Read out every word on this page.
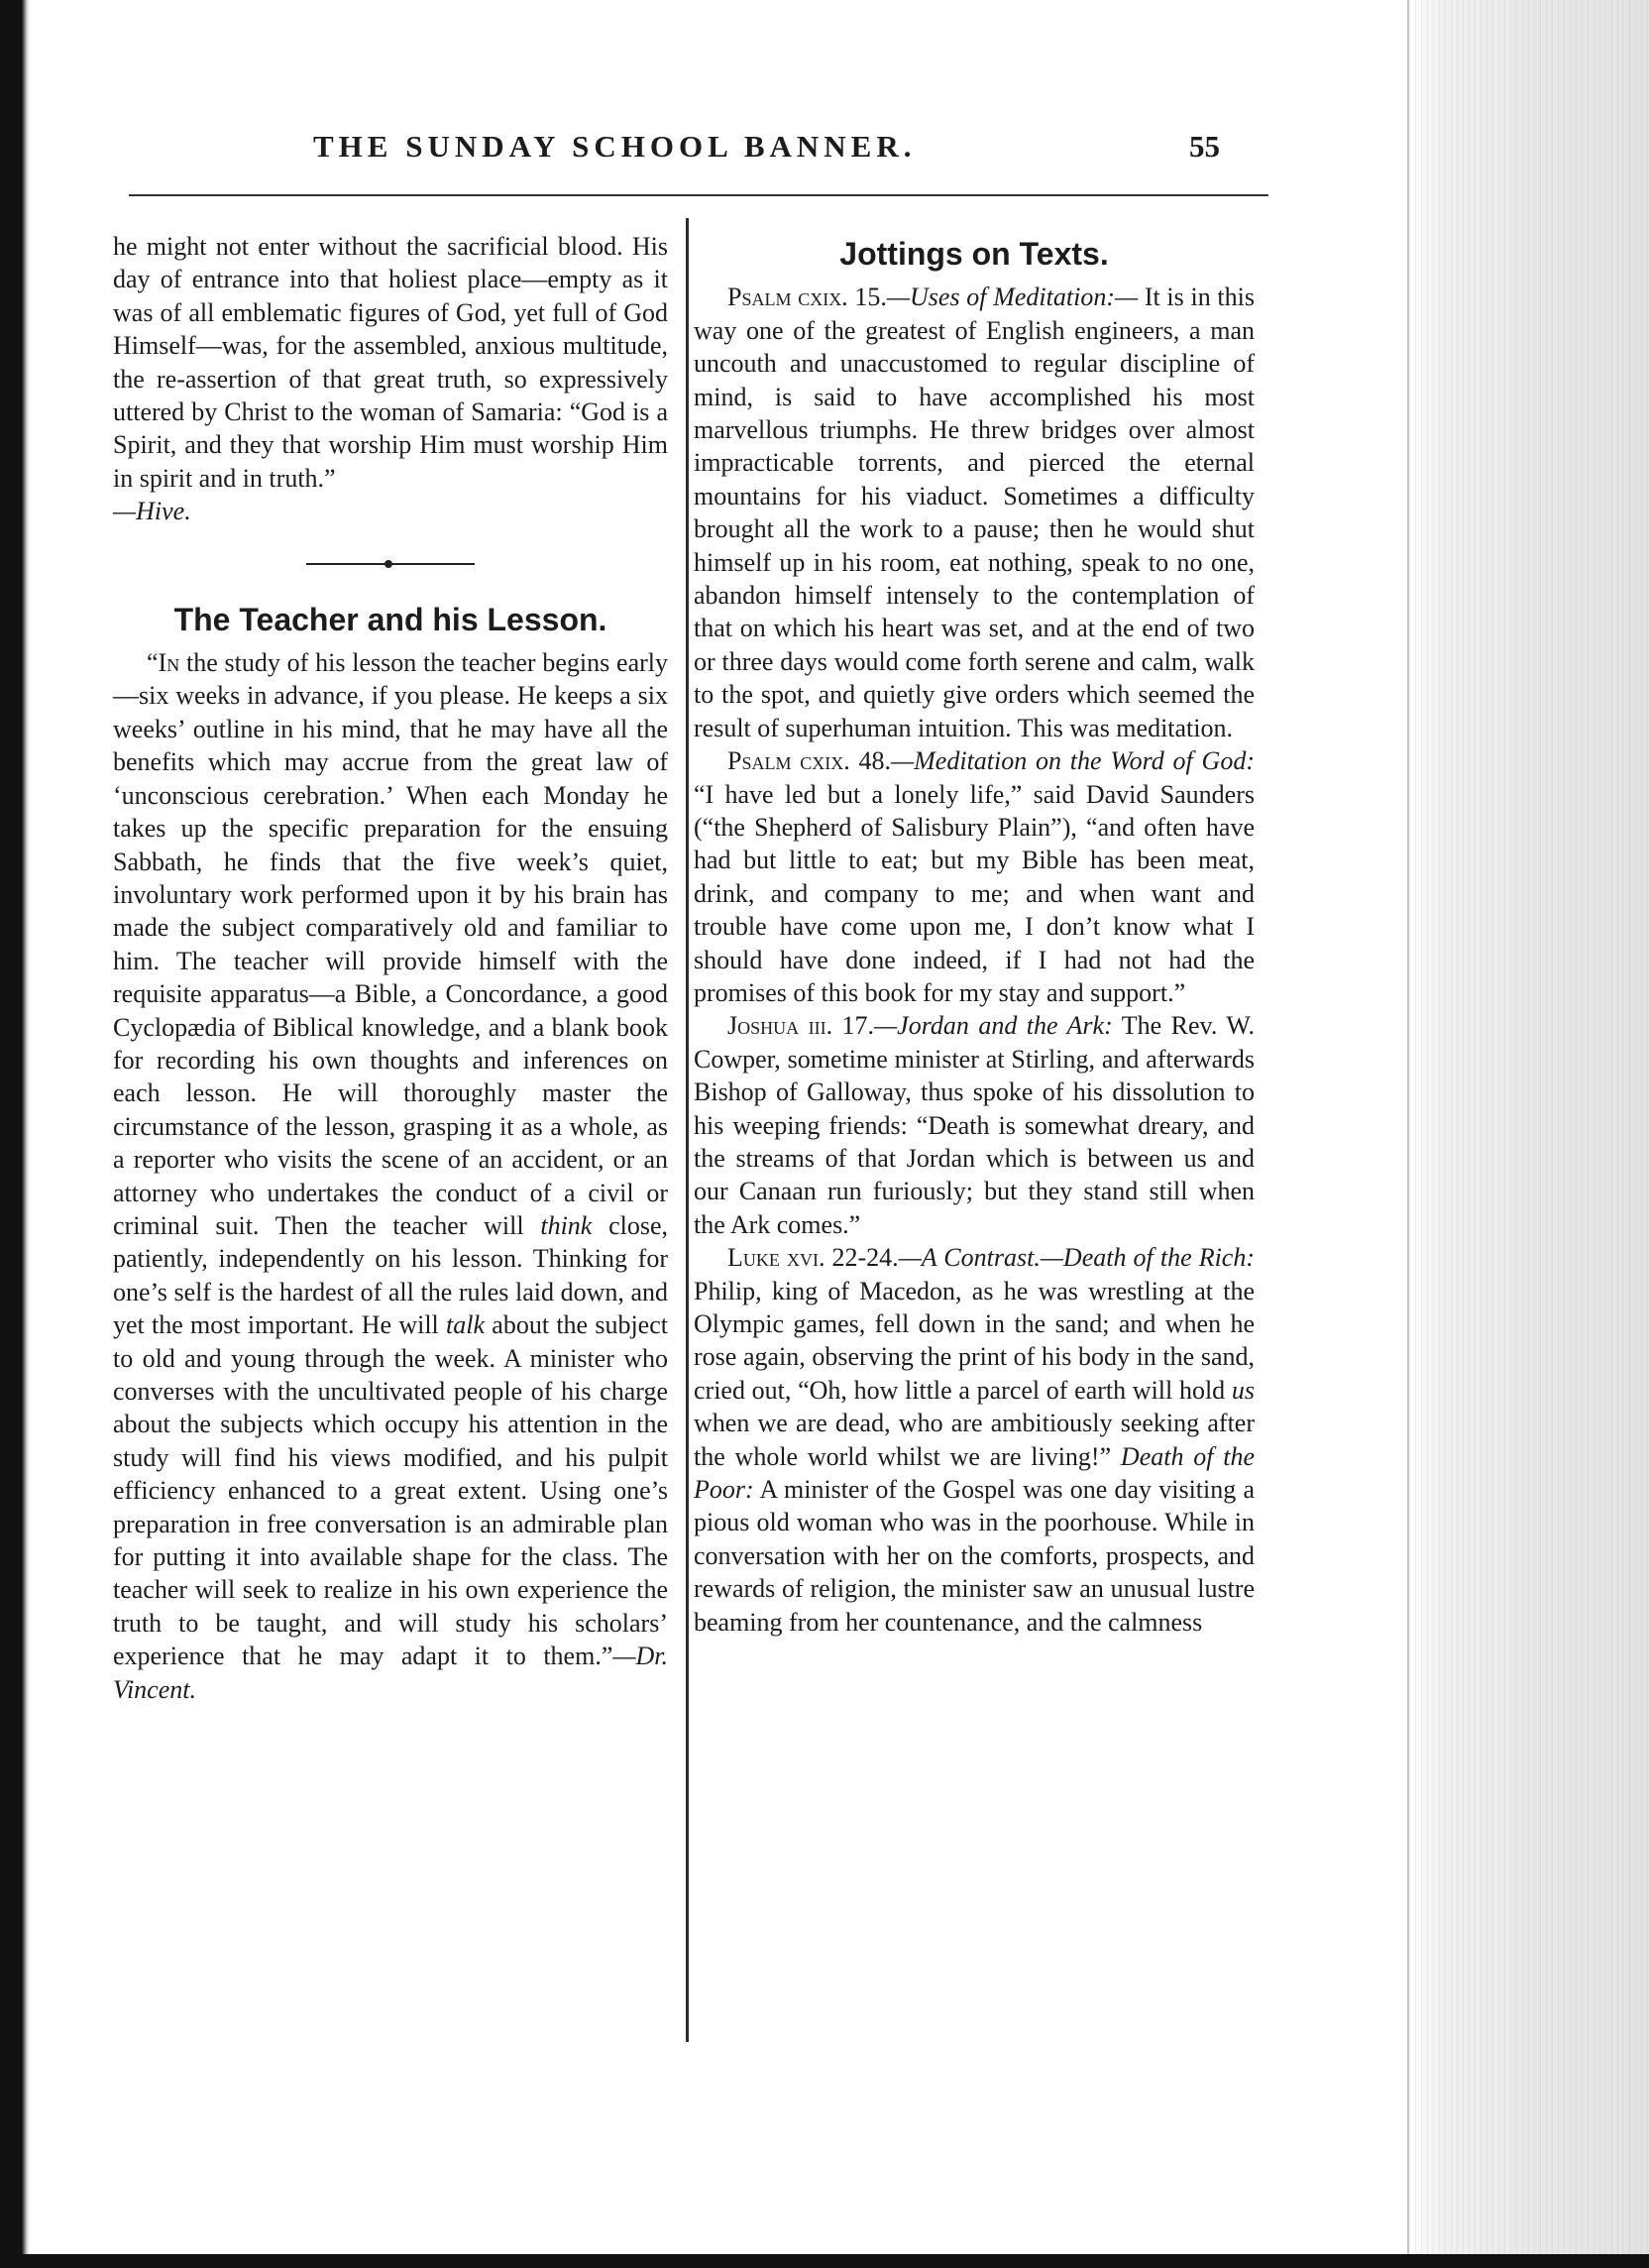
THE SUNDAY SCHOOL BANNER.	55

he might not enter without the sacrificial blood. His day of entrance into that holiest place—empty as it was of all emblematic figures of God, yet full of God Himself—was, for the assembled, anxious multitude, the re-assertion of that great truth, so expressively uttered by Christ to the woman of Samaria: “God is a Spirit, and they that worship Him must worship Him in spirit and in truth.”
—Hive.

The Teacher and his Lesson.

“In the study of his lesson the teacher begins early—six weeks in advance, if you please. He keeps a six weeks’ outline in his mind, that he may have all the benefits which may accrue from the great law of ‘unconscious cerebration.’ When each Monday he takes up the specific preparation for the ensuing Sabbath, he finds that the five week’s quiet, involuntary work performed upon it by his brain has made the subject comparatively old and familiar to him. The teacher will provide himself with the requisite apparatus—a Bible, a Concordance, a good Cyclopædia of Biblical knowledge, and a blank book for recording his own thoughts and inferences on each lesson. He will thoroughly master the circumstance of the lesson, grasping it as a whole, as a reporter who visits the scene of an accident, or an attorney who undertakes the conduct of a civil or criminal suit. Then the teacher will think close, patiently, independently on his lesson. Thinking for one’s self is the hardest of all the rules laid down, and yet the most important. He will talk about the subject to old and young through the week. A minister who converses with the uncultivated people of his charge about the subjects which occupy his attention in the study will find his views modified, and his pulpit efficiency enhanced to a great extent. Using one’s preparation in free conversation is an admirable plan for putting it into available shape for the class. The teacher will seek to realize in his own experience the truth to be taught, and will study his scholars’ experience that he may adapt it to them.”—Dr. Vincent.

Jottings on Texts.

Psalm cxix. 15.—Uses of Meditation:— It is in this way one of the greatest of English engineers, a man uncouth and unaccustomed to regular discipline of mind, is said to have accomplished his most marvellous triumphs. He threw bridges over almost impracticable torrents, and pierced the eternal mountains for his viaduct. Sometimes a difficulty brought all the work to a pause; then he would shut himself up in his room, eat nothing, speak to no one, abandon himself intensely to the contemplation of that on which his heart was set, and at the end of two or three days would come forth serene and calm, walk to the spot, and quietly give orders which seemed the result of superhuman intuition. This was meditation.

Psalm cxix. 48.—Meditation on the Word of God: “I have led but a lonely life,” said David Saunders (“the Shepherd of Salisbury Plain”), “and often have had but little to eat; but my Bible has been meat, drink, and company to me; and when want and trouble have come upon me, I don’t know what I should have done indeed, if I had not had the promises of this book for my stay and support.”

Joshua iii. 17.—Jordan and the Ark: The Rev. W. Cowper, sometime minister at Stirling, and afterwards Bishop of Galloway, thus spoke of his dissolution to his weeping friends: “Death is somewhat dreary, and the streams of that Jordan which is between us and our Canaan run furiously; but they stand still when the Ark comes.”

Luke xvi. 22-24.—A Contrast.—Death of the Rich: Philip, king of Macedon, as he was wrestling at the Olympic games, fell down in the sand; and when he rose again, observing the print of his body in the sand, cried out, “Oh, how little a parcel of earth will hold us when we are dead, who are ambitiously seeking after the whole world whilst we are living!” Death of the Poor: A minister of the Gospel was one day visiting a pious old woman who was in the poorhouse. While in conversation with her on the comforts, prospects, and rewards of religion, the minister saw an unusual lustre beaming from her countenance, and the calmness
